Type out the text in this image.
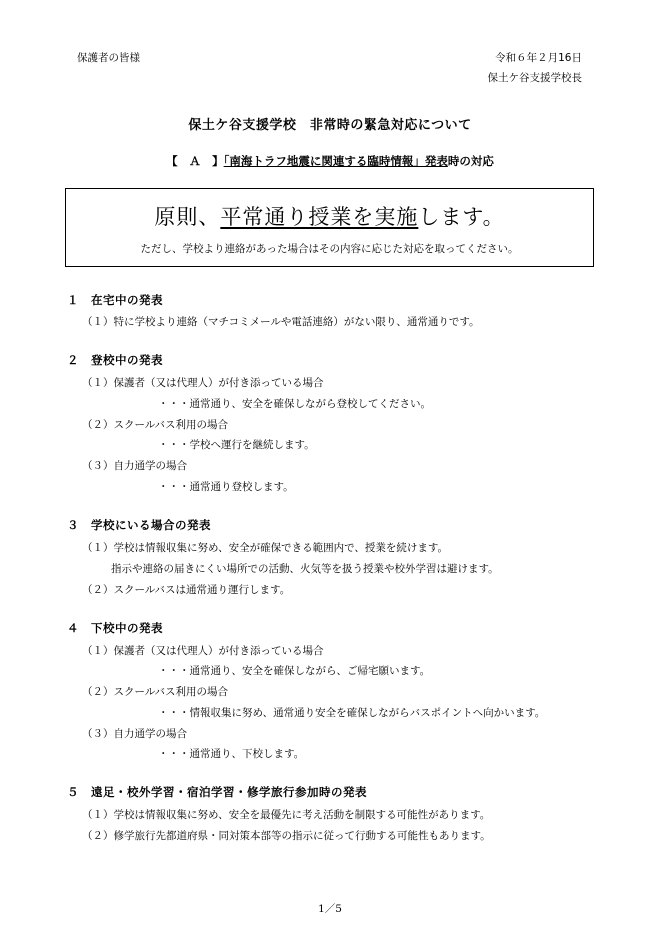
保護者の皆様	令和６年２月16日
保土ケ谷支援学校長
保土ケ谷支援学校　非常時の緊急対応について
【　Ａ　】「南海トラフ地震に関連する臨時情報」発表時の対応
原則、平常通り授業を実施します。
ただし、学校より連絡があった場合はその内容に応じた対応を取ってください。
１　在宅中の発表
（１）特に学校より連絡（マチコミメールや電話連絡）がない限り、通常通りです。
２　登校中の発表
（１）保護者（又は代理人）が付き添っている場合
・・・通常通り、安全を確保しながら登校してください。
（２）スクールバス利用の場合
・・・学校へ運行を継続します。
（３）自力通学の場合
・・・通常通り登校します。
３　学校にいる場合の発表
（１）学校は情報収集に努め、安全が確保できる範囲内で、授業を続けます。
指示や連絡の届きにくい場所での活動、火気等を扱う授業や校外学習は避けます。
（２）スクールバスは通常通り運行します。
４　下校中の発表
（１）保護者（又は代理人）が付き添っている場合
・・・通常通り、安全を確保しながら、ご帰宅願います。
（２）スクールバス利用の場合
・・・情報収集に努め、通常通り安全を確保しながらバスポイントへ向かいます。
（３）自力通学の場合
・・・通常通り、下校します。
５　遠足・校外学習・宿泊学習・修学旅行参加時の発表
（１）学校は情報収集に努め、安全を最優先に考え活動を制限する可能性があります。
（２）修学旅行先都道府県・同対策本部等の指示に従って行動する可能性もあります。
1／5
